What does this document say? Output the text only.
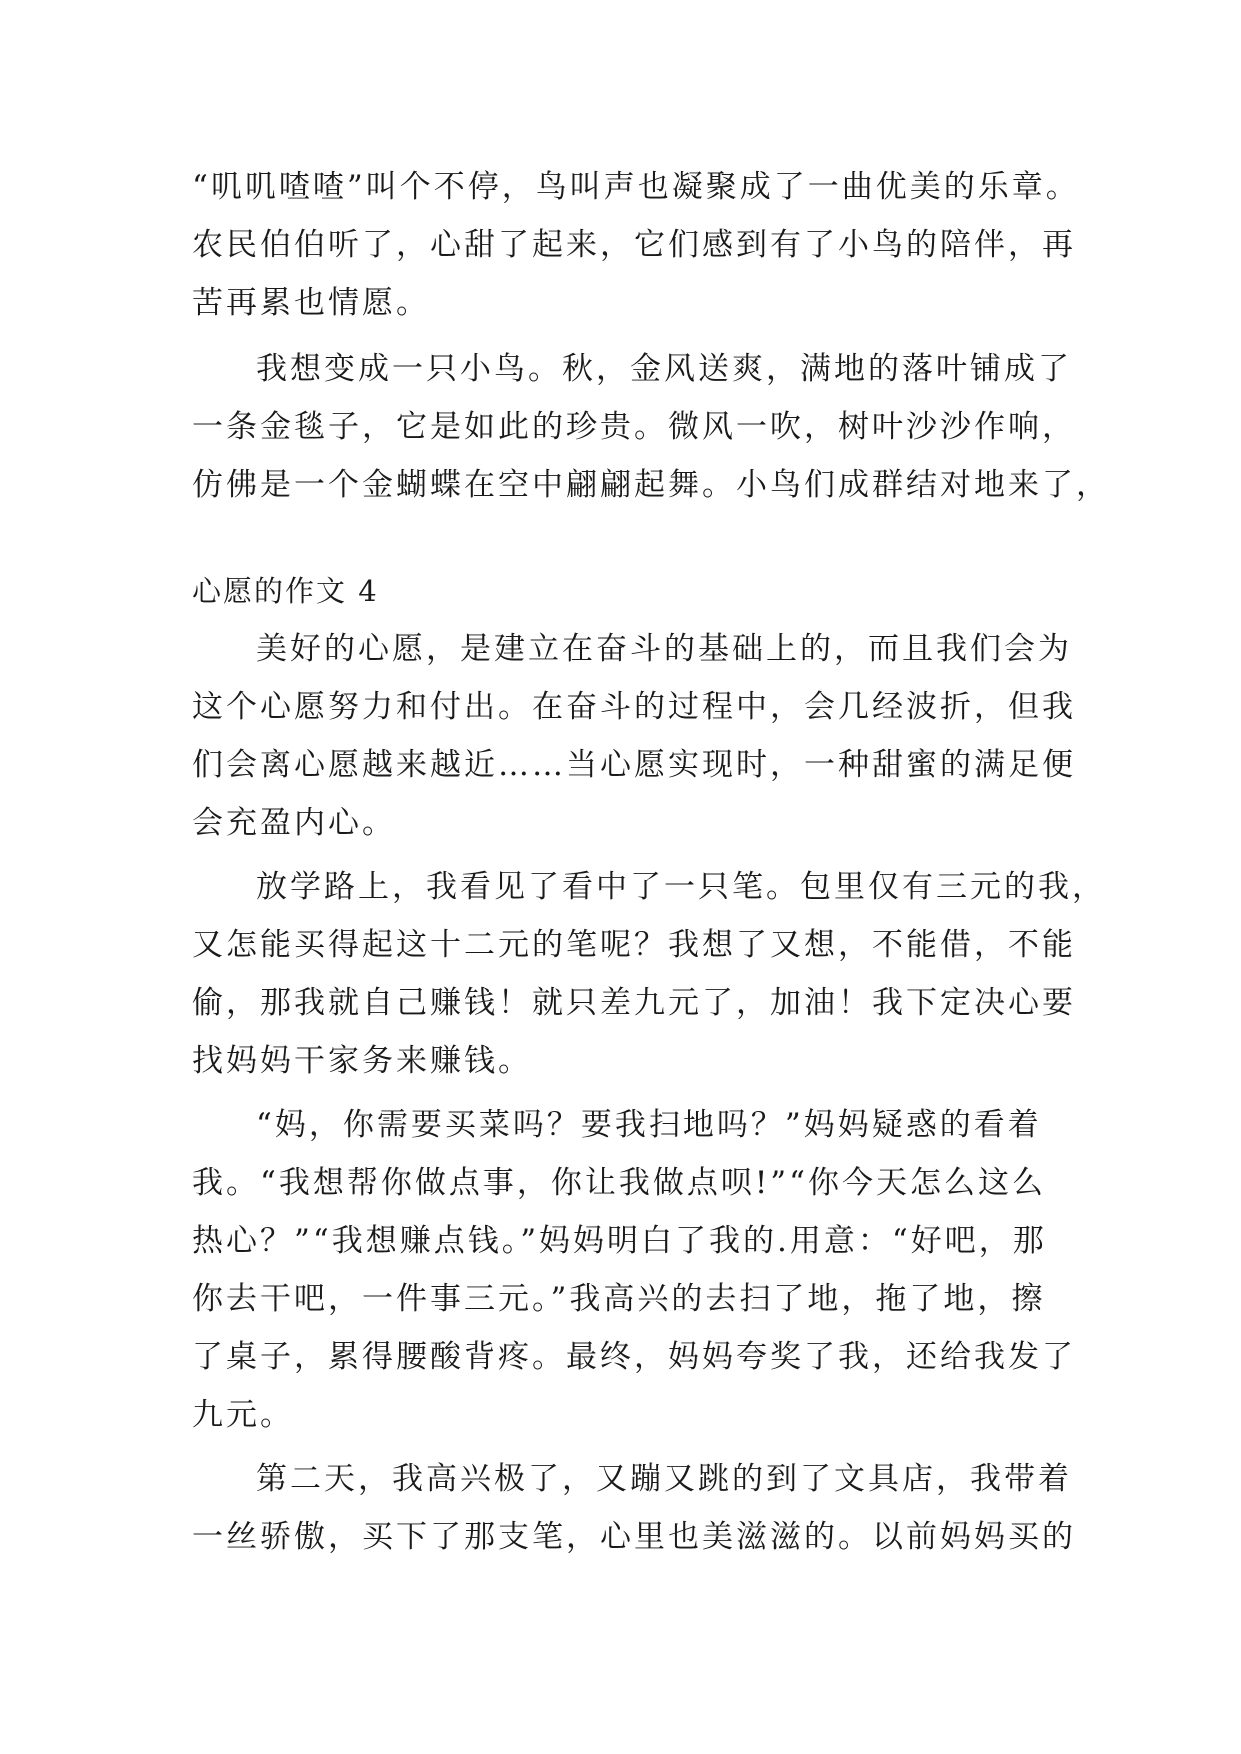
“叽叽喳喳”叫个不停，鸟叫声也凝聚成了一曲优美的乐章。
农民伯伯听了，心甜了起来，它们感到有了小鸟的陪伴，再
苦再累也情愿。

我想变成一只小鸟。秋，金风送爽，满地的落叶铺成了
一条金毯子，它是如此的珍贵。微风一吹，树叶沙沙作响，
仿佛是一个金蝴蝶在空中翩翩起舞。小鸟们成群结对地来了，

心愿的作文 4

美好的心愿，是建立在奋斗的基础上的，而且我们会为
这个心愿努力和付出。在奋斗的过程中，会几经波折，但我
们会离心愿越来越近……当心愿实现时，一种甜蜜的满足便
会充盈内心。

放学路上，我看见了看中了一只笔。包里仅有三元的我，
又怎能买得起这十二元的笔呢？我想了又想，不能借，不能
偷，那我就自己赚钱！就只差九元了，加油！我下定决心要
找妈妈干家务来赚钱。

“妈，你需要买菜吗？要我扫地吗？”妈妈疑惑的看着
我。“我想帮你做点事，你让我做点呗!”“你今天怎么这么
热心？”“我想赚点钱。”妈妈明白了我的.用意：“好吧，那
你去干吧，一件事三元。”我高兴的去扫了地，拖了地，擦
了桌子，累得腰酸背疼。最终，妈妈夸奖了我，还给我发了
九元。

第二天，我高兴极了，又蹦又跳的到了文具店，我带着
一丝骄傲，买下了那支笔，心里也美滋滋的。以前妈妈买的
